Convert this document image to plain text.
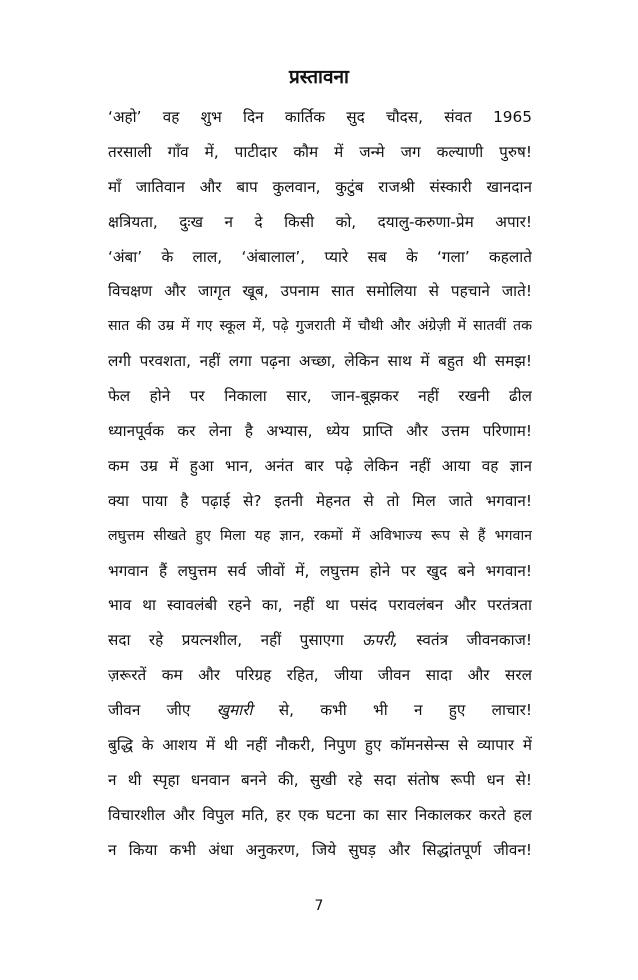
प्रस्तावना
‘अहो’ वह शुभ दिन कार्तिक सुद चौदस, संवत 1965
तरसाली गाँव में, पाटीदार कौम में जन्मे जग कल्याणी पुरुष!
माँ जातिवान और बाप कुलवान, कुटुंब राजश्री संस्कारी खानदान
क्षत्रियता, दुःख न दे किसी को, दयालु-करुणा-प्रेम अपार!
‘अंबा’ के लाल, ‘अंबालाल’, प्यारे सब के ‘गला’ कहलाते
विचक्षण और जागृत खूब, उपनाम सात समोलिया से पहचाने जाते!
सात की उम्र में गए स्कूल में, पढ़े गुजराती में चौथी और अंग्रेज़ी में सातवीं तक
लगी परवशता, नहीं लगा पढ़ना अच्छा, लेकिन साथ में बहुत थी समझ!
फेल होने पर निकाला सार, जान-बूझकर नहीं रखनी ढील
ध्यानपूर्वक कर लेना है अभ्यास, ध्येय प्राप्ति और उत्तम परिणाम!
कम उम्र में हुआ भान, अनंत बार पढ़े लेकिन नहीं आया वह ज्ञान
क्या पाया है पढ़ाई से? इतनी मेहनत से तो मिल जाते भगवान!
लघुत्तम सीखते हुए मिला यह ज्ञान, रकमों में अविभाज्य रूप से हैं भगवान
भगवान हैं लघुत्तम सर्व जीवों में, लघुत्तम होने पर खुद बने भगवान!
भाव था स्वावलंबी रहने का, नहीं था पसंद परावलंबन और परतंत्रता
सदा रहे प्रयत्नशील, नहीं पुसाएगा ऊपरी, स्वतंत्र जीवनकाज!
ज़रूरतें कम और परिग्रह रहित, जीया जीवन सादा और सरल
जीवन जीए खुमारी से, कभी भी न हुए लाचार!
बुद्धि के आशय में थी नहीं नौकरी, निपुण हुए कॉमनसेन्स से व्यापार में
न थी स्पृहा धनवान बनने की, सुखी रहे सदा संतोष रूपी धन से!
विचारशील और विपुल मति, हर एक घटना का सार निकालकर करते हल
न किया कभी अंधा अनुकरण, जिये सुघड़ और सिद्धांतपूर्ण जीवन!
7
